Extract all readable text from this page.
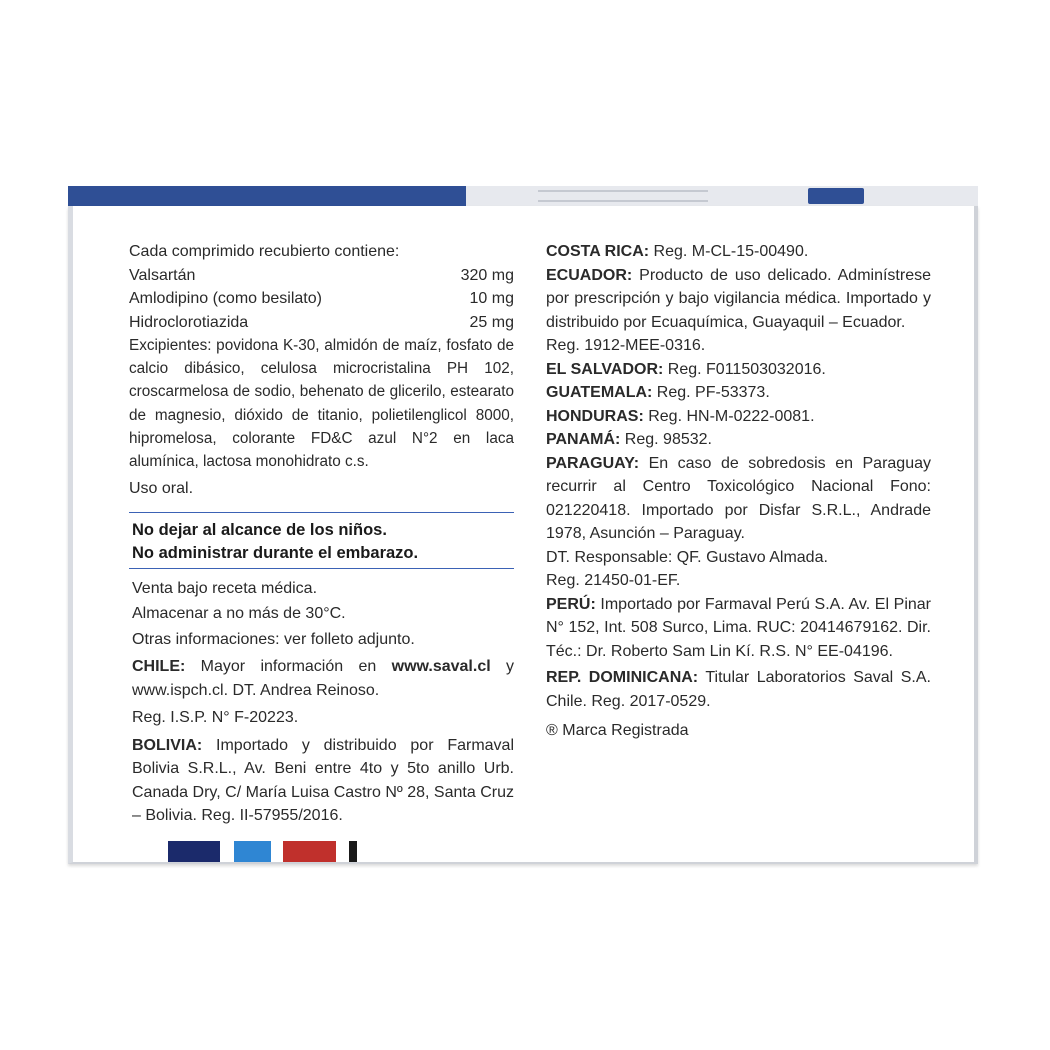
Cada comprimido recubierto contiene:

Valsartán	320 mg
Amlodipino (como besilato)	10 mg
Hidroclorotiazida	25 mg

Excipientes: povidona K-30, almidón de maíz, fosfato de calcio dibásico, celulosa microcristalina PH 102, croscarmelosa de sodio, behenato de glicerilo, estearato de magnesio, dióxido de titanio, polietilenglicol 8000, hipromelosa, colorante FD&C azul N°2 en laca alumínica, lactosa monohidrato c.s.

Uso oral.

No dejar al alcance de los niños.

No administrar durante el embarazo.

Venta bajo receta médica.

Almacenar a no más de 30°C.

Otras informaciones: ver folleto adjunto.

CHILE: Mayor información en www.saval.cl y www.ispch.cl. DT. Andrea Reinoso.

Reg. I.S.P. N° F-20223.

BOLIVIA: Importado y distribuido por Farmaval Bolivia S.R.L., Av. Beni entre 4to y 5to anillo Urb. Canada Dry, C/ María Luisa Castro Nº 28, Santa Cruz – Bolivia. Reg. II-57955/2016.

COSTA RICA: Reg. M-CL-15-00490.

ECUADOR: Producto de uso delicado. Adminístrese por prescripción y bajo vigilancia médica. Importado y distribuido por Ecuaquímica, Guayaquil – Ecuador.

Reg. 1912-MEE-0316.

EL SALVADOR: Reg. F011503032016.

GUATEMALA: Reg. PF-53373.

HONDURAS: Reg. HN-M-0222-0081.

PANAMÁ: Reg. 98532.

PARAGUAY: En caso de sobredosis en Paraguay recurrir al Centro Toxicológico Nacional Fono: 021220418. Importado por Disfar S.R.L., Andrade 1978, Asunción – Paraguay.

DT. Responsable: QF. Gustavo Almada.

Reg. 21450-01-EF.

PERÚ: Importado por Farmaval Perú S.A. Av. El Pinar N° 152, Int. 508 Surco, Lima. RUC: 20414679162. Dir. Téc.: Dr. Roberto Sam Lin Kí. R.S. N° EE-04196.

REP. DOMINICANA: Titular Laboratorios Saval S.A. Chile. Reg. 2017-0529.

® Marca Registrada
